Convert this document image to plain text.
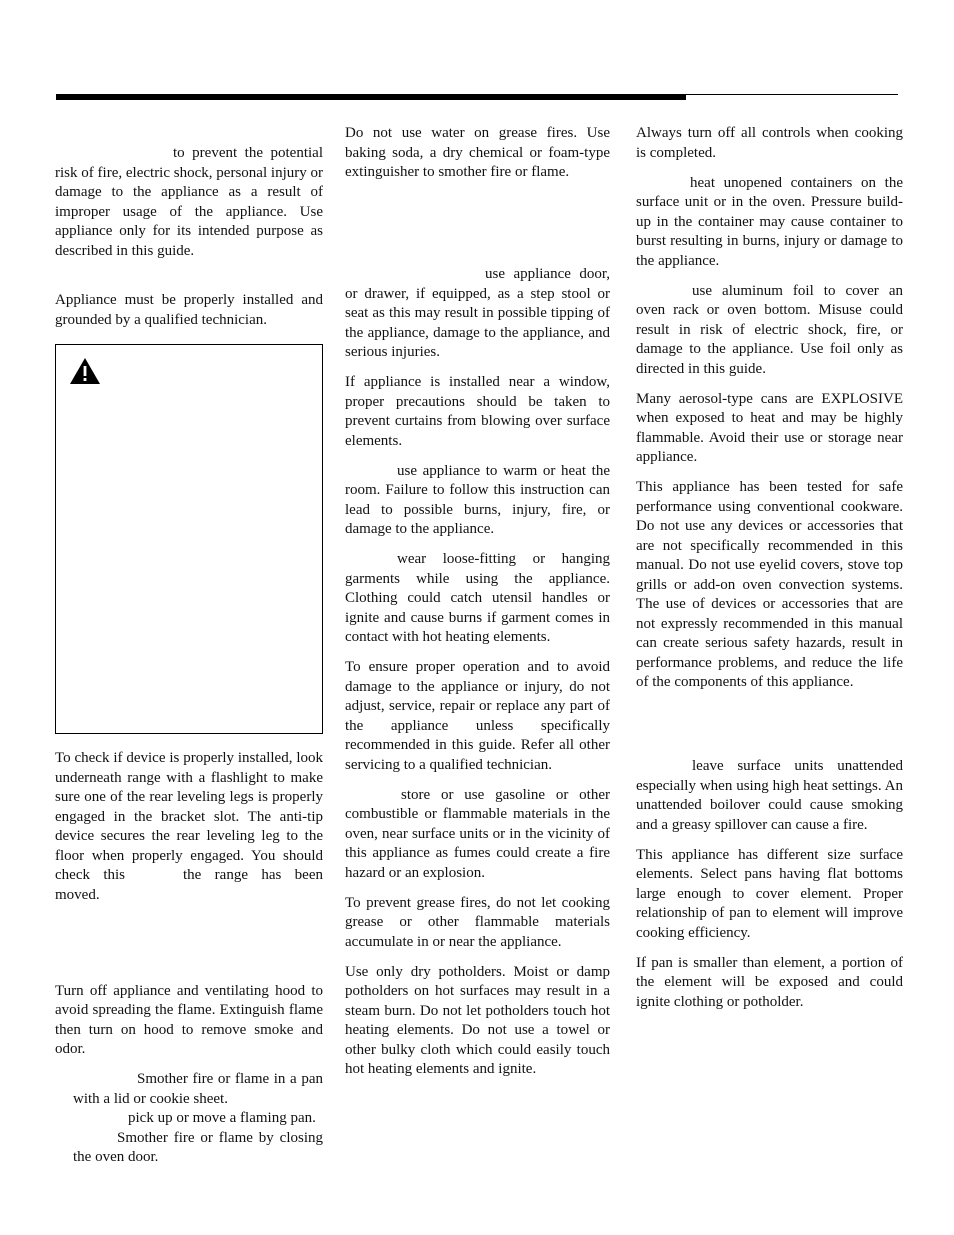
to prevent the potential risk of fire, electric shock, personal injury or damage to the appliance as a result of improper usage of the appliance. Use appliance only for its intended purpose as described in this guide.

Appliance must be properly installed and grounded by a qualified technician.

To check if device is properly installed, look underneath range with a flashlight to make sure one of the rear leveling legs is properly engaged in the bracket slot. The anti-tip device secures the rear leveling leg to the floor when properly engaged. You should check this	the range has been moved.

Turn off appliance and ventilating hood to avoid spreading the flame. Extinguish flame then turn on hood to remove smoke and odor.

Smother fire or flame in a pan with a lid or cookie sheet.

pick up or move a flaming pan.

Smother fire or flame by closing the oven door.

Do not use water on grease fires. Use baking soda, a dry chemical or foam-type extinguisher to smother fire or flame.

use appliance door, or drawer, if equipped, as a step stool or seat as this may result in possible tipping of the appliance, damage to the appliance, and serious injuries.

If appliance is installed near a window, proper precautions should be taken to prevent curtains from blowing over surface elements.

use appliance to warm or heat the room. Failure to follow this instruction can lead to possible burns, injury, fire, or damage to the appliance.

wear loose-fitting or hanging garments while using the appliance. Clothing could catch utensil handles or ignite and cause burns if garment comes in contact with hot heating elements.

To ensure proper operation and to avoid damage to the appliance or injury, do not adjust, service, repair or replace any part of the appliance unless specifically recommended in this guide. Refer all other servicing to a qualified technician.

store or use gasoline or other combustible or flammable materials in the oven, near surface units or in the vicinity of this appliance as fumes could create a fire hazard or an explosion.

To prevent grease fires, do not let cooking grease or other flammable materials accumulate in or near the appliance.

Use only dry potholders. Moist or damp potholders on hot surfaces may result in a steam burn. Do not let potholders touch hot heating elements. Do not use a towel or other bulky cloth which could easily touch hot heating elements and ignite.

Always turn off all controls when cooking is completed.

heat unopened containers on the surface unit or in the oven. Pressure build-up in the container may cause container to burst resulting in burns, injury or damage to the appliance.

use aluminum foil to cover an oven rack or oven bottom. Misuse could result in risk of electric shock, fire, or damage to the appliance. Use foil only as directed in this guide.

Many aerosol-type cans are EXPLOSIVE when exposed to heat and may be highly flammable. Avoid their use or storage near appliance.

This appliance has been tested for safe performance using conventional cookware. Do not use any devices or accessories that are not specifically recommended in this manual. Do not use eyelid covers, stove top grills or add-on oven convection systems. The use of devices or accessories that are not expressly recommended in this manual can create serious safety hazards, result in performance problems, and reduce the life of the components of this appliance.

leave surface units unattended especially when using high heat settings. An unattended boilover could cause smoking and a greasy spillover can cause a fire.

This appliance has different size surface elements. Select pans having flat bottoms large enough to cover element. Proper relationship of pan to element will improve cooking efficiency.

If pan is smaller than element, a portion of the element will be exposed and could ignite clothing or potholder.
